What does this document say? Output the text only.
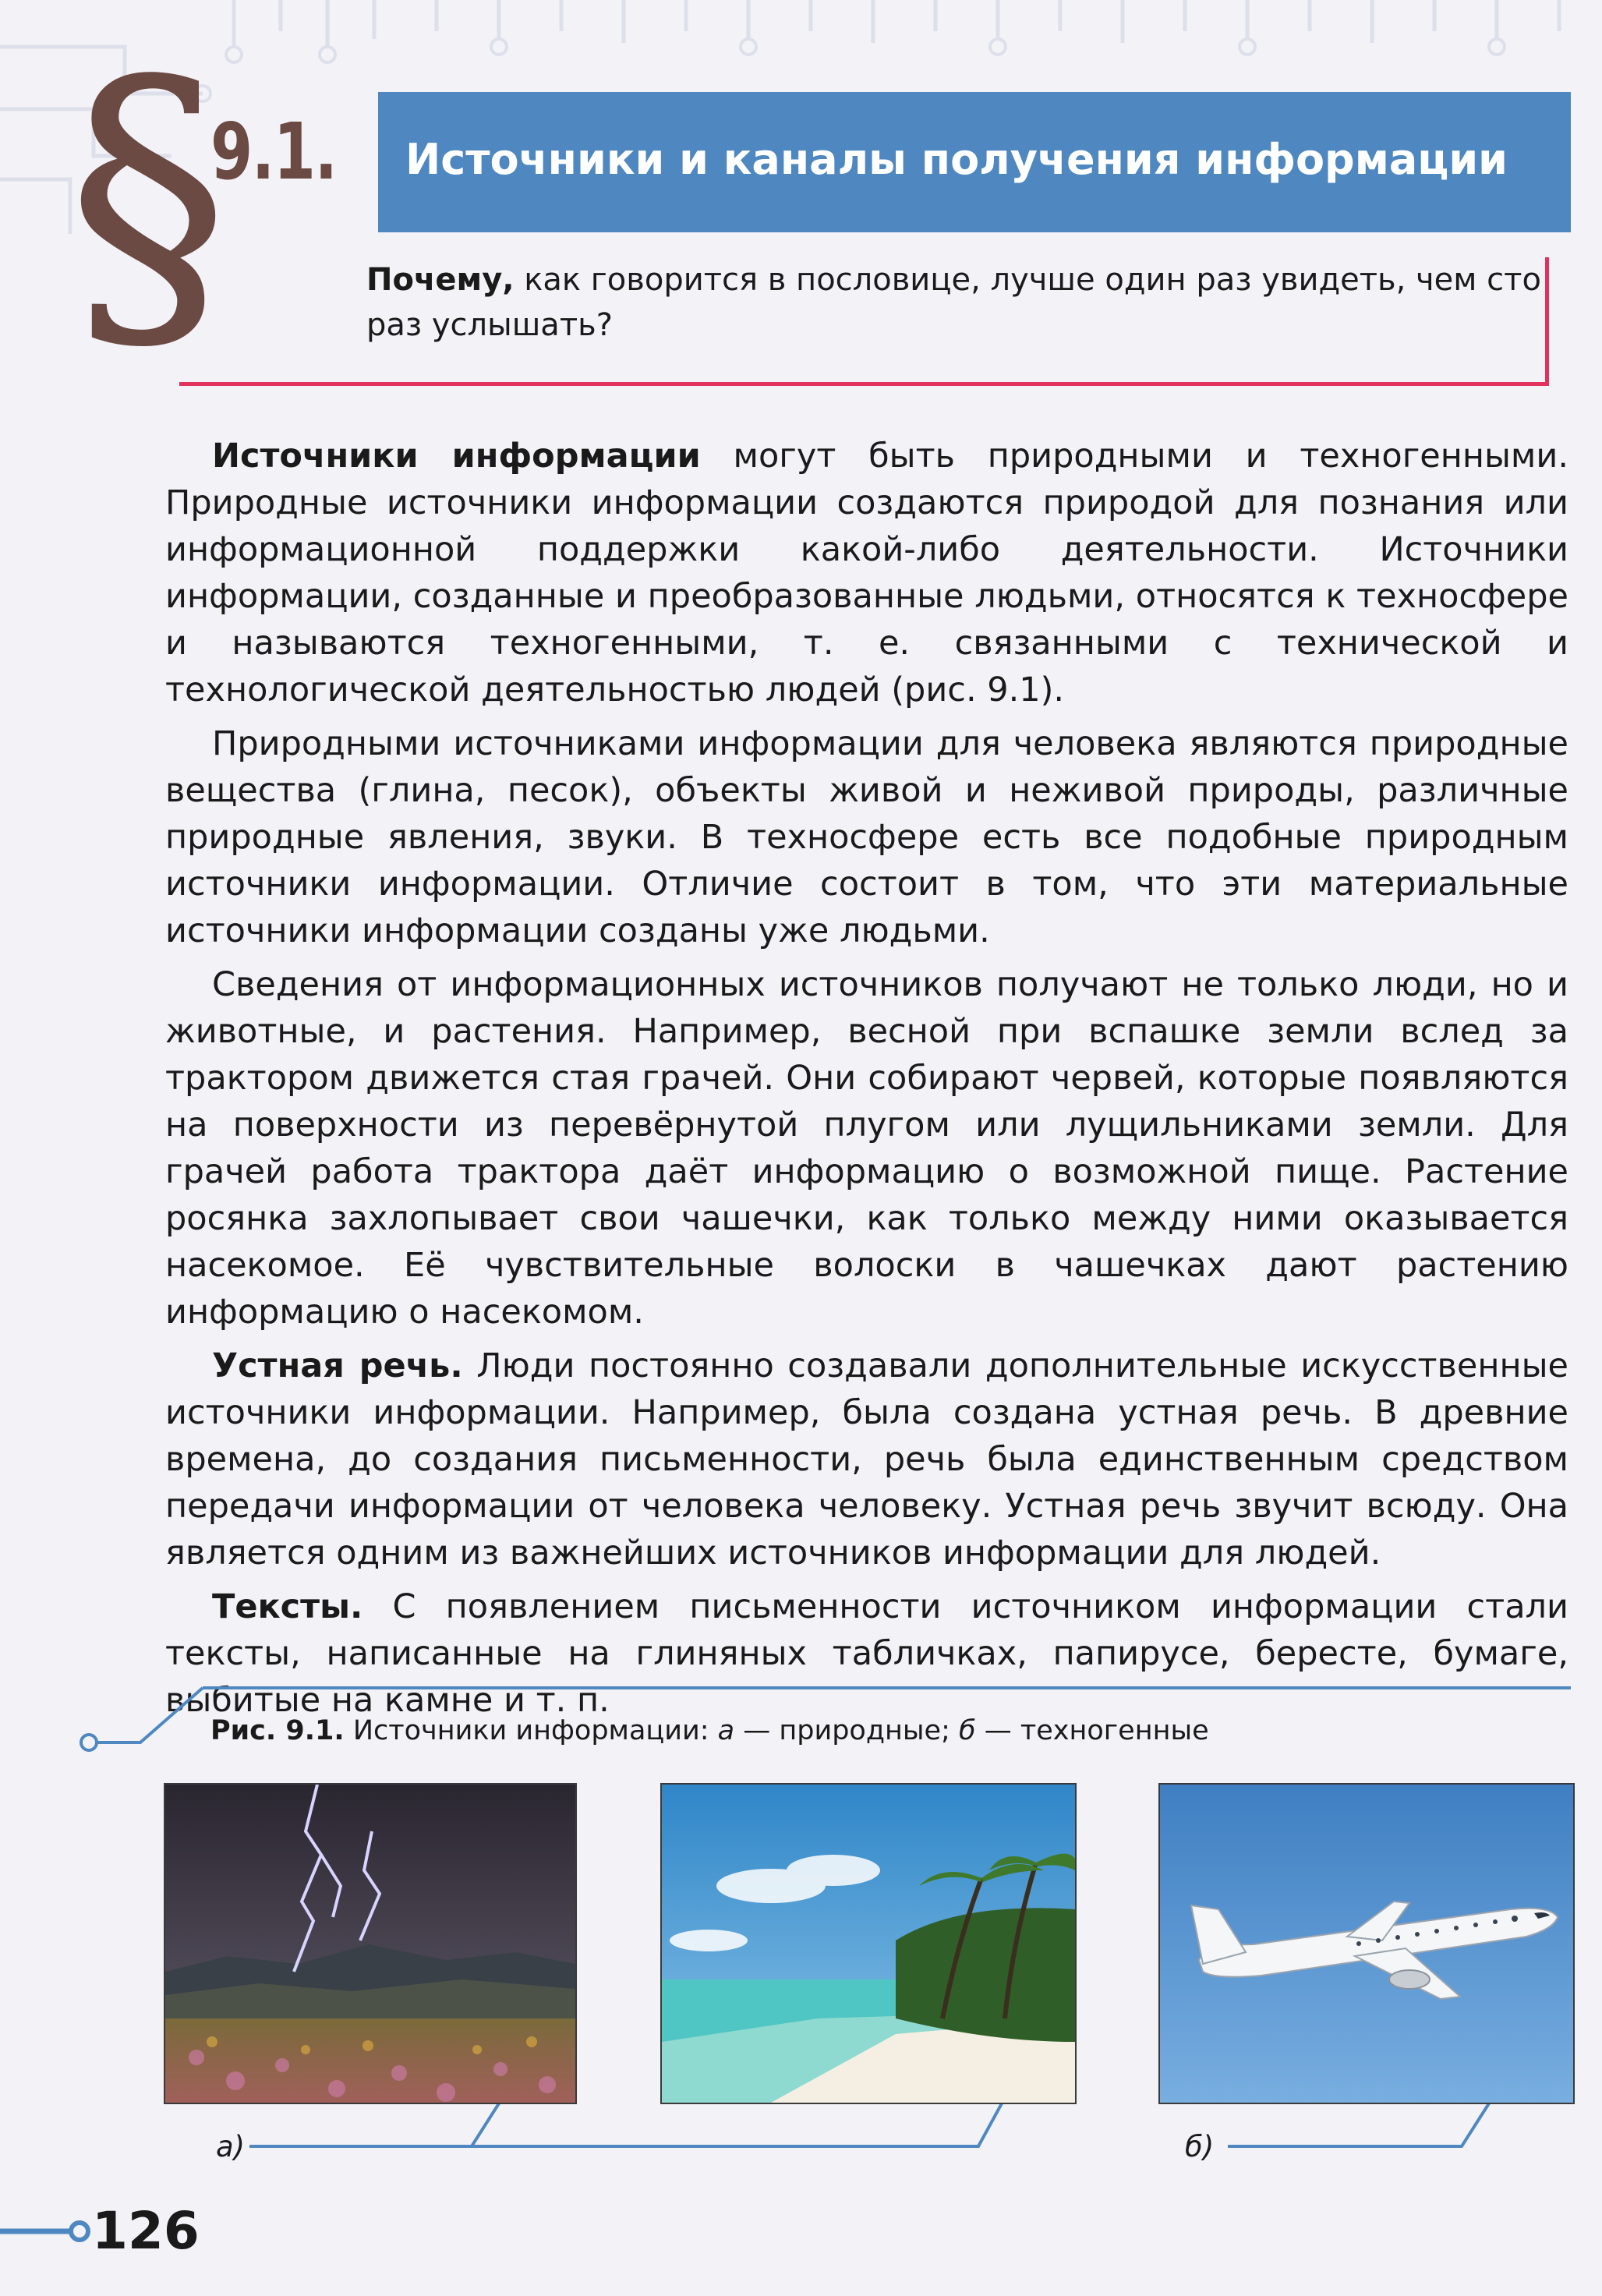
§
9.1. Источники и каналы получения информации
Почему, как говорится в пословице, лучше один раз увидеть, чем сто раз услышать?

Источники информации могут быть природными и техногенными. Природные источники информации создаются природой для познания или информационной поддержки какой-либо деятельности. Источники информации, созданные и преобразованные людьми, относятся к техносфере и называются техногенными, т. е. связанными с технической и технологической деятельностью людей (рис. 9.1).

Природными источниками информации для человека являются природные вещества (глина, песок), объекты живой и неживой природы, различные природные явления, звуки. В техносфере есть все подобные природным источники информации. Отличие состоит в том, что эти материальные источники информации созданы уже людьми.

Сведения от информационных источников получают не только люди, но и животные, и растения. Например, весной при вспашке земли вслед за трактором движется стая грачей. Они собирают червей, которые появляются на поверхности из перевёрнутой плугом или лущильниками земли. Для грачей работа трактора даёт информацию о возможной пище. Растение росянка захлопывает свои чашечки, как только между ними оказывается насекомое. Её чувствительные волоски в чашечках дают растению информацию о насекомом.

Устная речь. Люди постоянно создавали дополнительные искусственные источники информации. Например, была создана устная речь. В древние времена, до создания письменности, речь была единственным средством передачи информации от человека человеку. Устная речь звучит всюду. Она является одним из важнейших источников информации для людей.

Тексты. С появлением письменности источником информации стали тексты, написанные на глиняных табличках, папирусе, бересте, бумаге, выбитые на камне и т. п.

Рис. 9.1. Источники информации: а — природные; б — техногенные
а)	б)
126
